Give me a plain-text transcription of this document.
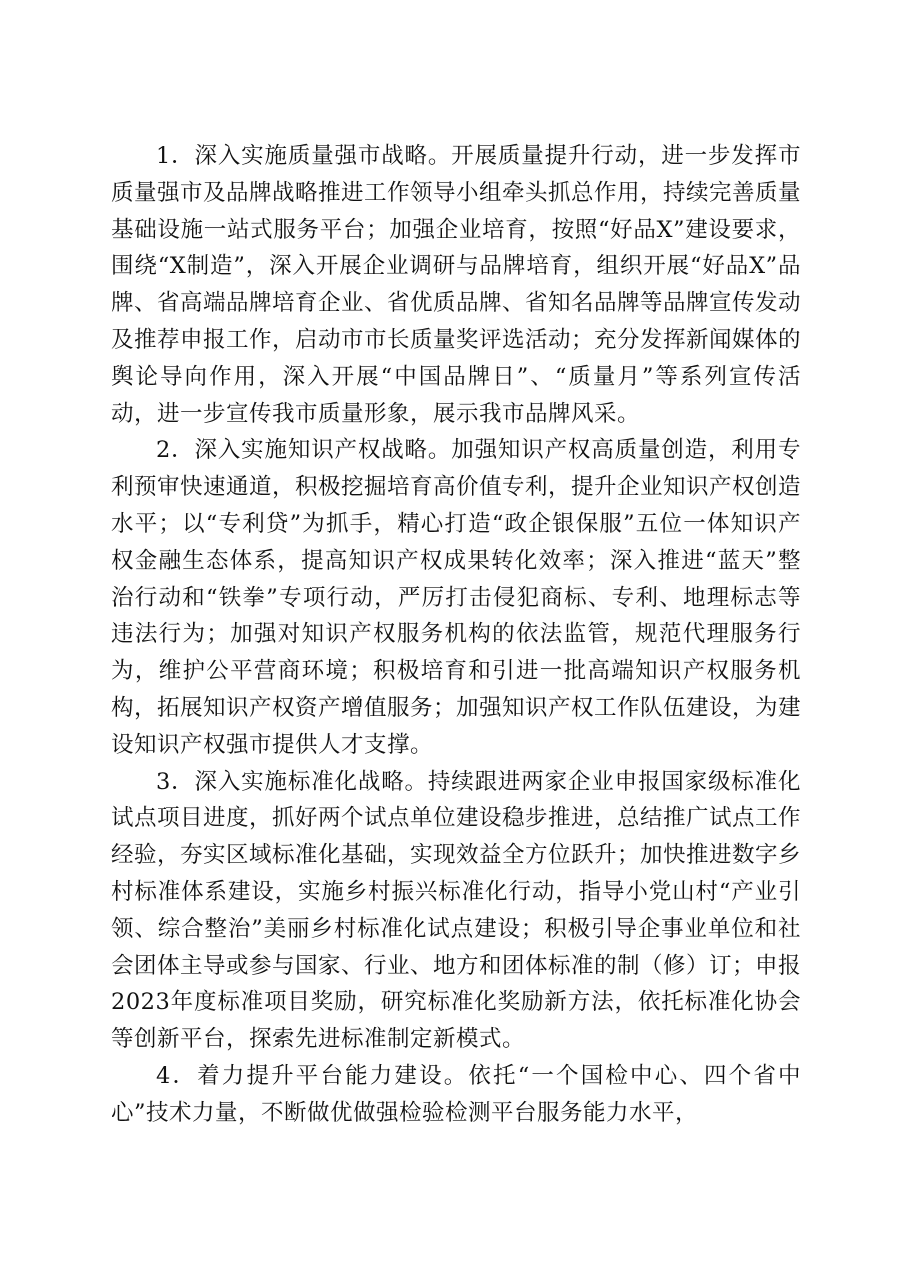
1．深入实施质量强市战略。开展质量提升行动，进一步发挥市质量强市及品牌战略推进工作领导小组牵头抓总作用，持续完善质量基础设施一站式服务平台；加强企业培育，按照“好品X”建设要求，围绕“X制造”，深入开展企业调研与品牌培育，组织开展“好品X”品牌、省高端品牌培育企业、省优质品牌、省知名品牌等品牌宣传发动及推荐申报工作，启动市市长质量奖评选活动；充分发挥新闻媒体的舆论导向作用，深入开展“中国品牌日”、“质量月”等系列宣传活动，进一步宣传我市质量形象，展示我市品牌风采。

2．深入实施知识产权战略。加强知识产权高质量创造，利用专利预审快速通道，积极挖掘培育高价值专利，提升企业知识产权创造水平；以“专利贷”为抓手，精心打造“政企银保服”五位一体知识产权金融生态体系，提高知识产权成果转化效率；深入推进“蓝天”整治行动和“铁拳”专项行动，严厉打击侵犯商标、专利、地理标志等违法行为；加强对知识产权服务机构的依法监管，规范代理服务行为，维护公平营商环境；积极培育和引进一批高端知识产权服务机构，拓展知识产权资产增值服务；加强知识产权工作队伍建设，为建设知识产权强市提供人才支撑。

3．深入实施标准化战略。持续跟进两家企业申报国家级标准化试点项目进度，抓好两个试点单位建设稳步推进，总结推广试点工作经验，夯实区域标准化基础，实现效益全方位跃升；加快推进数字乡村标准体系建设，实施乡村振兴标准化行动，指导小党山村“产业引领、综合整治”美丽乡村标准化试点建设；积极引导企事业单位和社会团体主导或参与国家、行业、地方和团体标准的制（修）订；申报2023年度标准项目奖励，研究标准化奖励新方法，依托标准化协会等创新平台，探索先进标准制定新模式。

4．着力提升平台能力建设。依托“一个国检中心、四个省中心”技术力量，不断做优做强检验检测平台服务能力水平，
